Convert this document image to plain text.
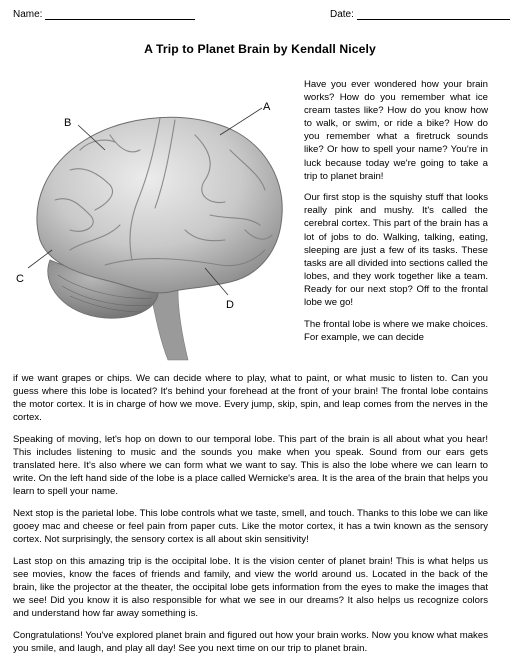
Name:	Date:
A Trip to Planet Brain by Kendall Nicely
A
B
C
D

Have you ever wondered how your brain works? How do you remember what ice cream tastes like? How do you know how to walk, or swim, or ride a bike? How do you remember what a firetruck sounds like? Or how to spell your name? You're in luck because today we're going to take a trip to planet brain!

Our first stop is the squishy stuff that looks really pink and mushy. It's called the cerebral cortex. This part of the brain has a lot of jobs to do. Walking, talking, eating, sleeping are just a few of its tasks. These tasks are all divided into sections called the lobes, and they work together like a team. Ready for our next stop? Off to the frontal lobe we go!

The frontal lobe is where we make choices. For example, we can decide

if we want grapes or chips. We can decide where to play, what to paint, or what music to listen to. Can you guess where this lobe is located? It's behind your forehead at the front of your brain! The frontal lobe contains the motor cortex. It is in charge of how we move. Every jump, skip, spin, and leap comes from the nerves in the cortex.

Speaking of moving, let's hop on down to our temporal lobe. This part of the brain is all about what you hear! This includes listening to music and the sounds you make when you speak. Sound from our ears gets translated here. It's also where we can form what we want to say. This is also the lobe where we can learn to write. On the left hand side of the lobe is a place called Wernicke's area. It is the area of the brain that helps you learn to spell your name.

Next stop is the parietal lobe. This lobe controls what we taste, smell, and touch. Thanks to this lobe we can like gooey mac and cheese or feel pain from paper cuts. Like the motor cortex, it has a twin known as the sensory cortex. Not surprisingly, the sensory cortex is all about skin sensitivity!

Last stop on this amazing trip is the occipital lobe. It is the vision center of planet brain! This is what helps us see movies, know the faces of friends and family, and view the world around us. Located in the back of the brain, like the projector at the theater, the occipital lobe gets information from the eyes to make the images that we see! Did you know it is also responsible for what we see in our dreams? It also helps us recognize colors and understand how far away something is.

Congratulations! You've explored planet brain and figured out how your brain works. Now you know what makes you smile, and laugh, and play all day! See you next time on our trip to planet brain.
